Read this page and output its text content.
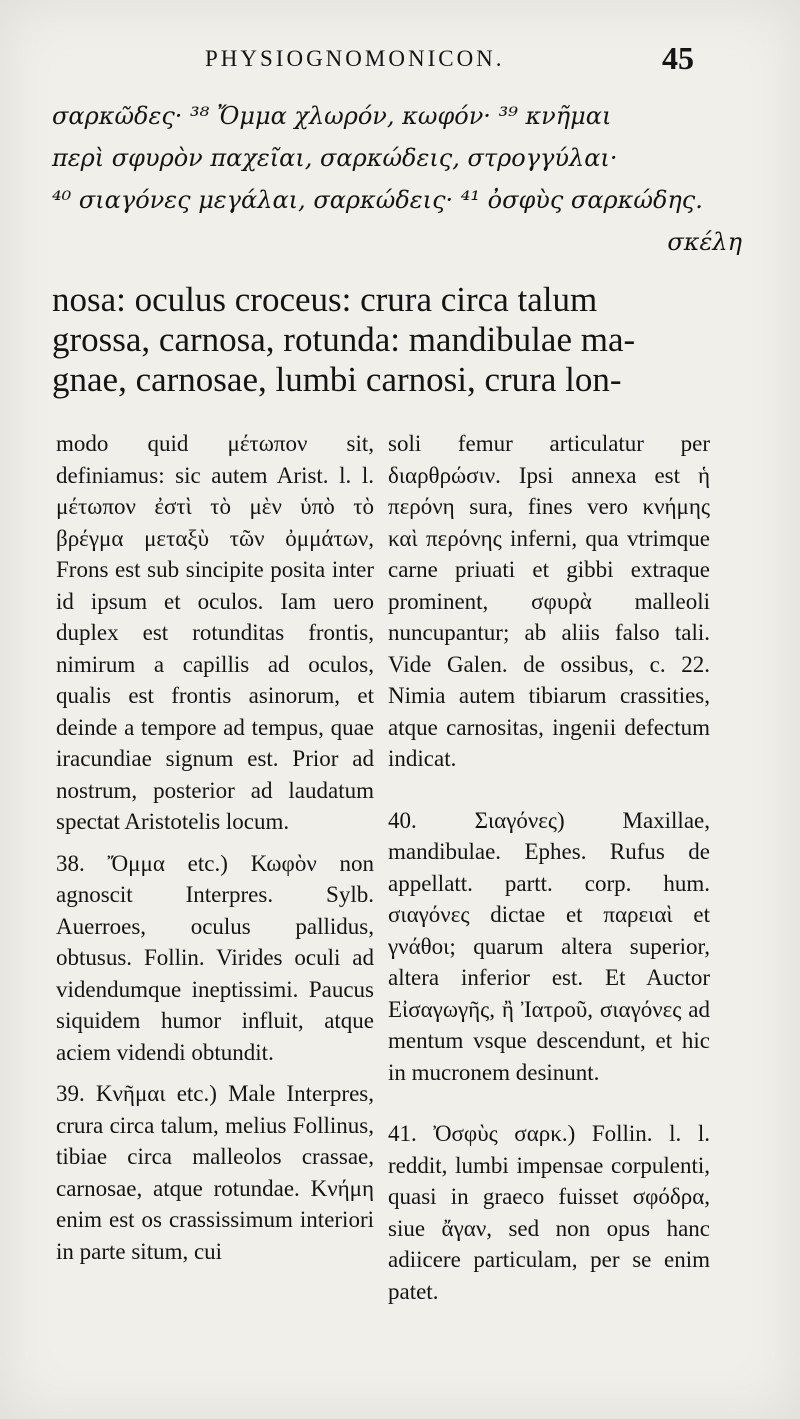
PHYSIOGNOMONICON.	45
σαρκῶδες· ³⁸ Ὄμμα χλωρόν, κωφόν· ³⁹ κνῆμαι
περὶ σφυρὸν παχεῖαι, σαρκώδεις, στρογγύλαι·
⁴⁰ σιαγόνες μεγάλαι, σαρκώδεις· ⁴¹ ὀσφὺς σαρκώδης.
σκέλη
nosa: oculus croceus: crura circa talum
grossa, carnosa, rotunda: mandibulae ma-
gnae, carnosae, lumbi carnosi, crura lon-

modo quid μέτωπον sit, definiamus: sic autem Arist. l. l. μέτωπον ἐστὶ τὸ μὲν ὑπὸ τὸ βρέγμα μεταξὺ τῶν ὀμμάτων, Frons est sub sincipite posita inter id ipsum et oculos. Iam uero duplex est rotunditas frontis, nimirum a capillis ad oculos, qualis est frontis asinorum, et deinde a tempore ad tempus, quae iracundiae signum est. Prior ad nostrum, posterior ad laudatum spectat Aristotelis locum.

38. Ὄμμα etc.) Κωφὸν non agnoscit Interpres. Sylb. Auerroes, oculus pallidus, obtusus. Follin. Virides oculi ad videndumque ineptissimi. Paucus siquidem humor influit, atque aciem videndi obtundit.

39. Κνῆμαι etc.) Male Interpres, crura circa talum, melius Follinus, tibiae circa malleolos crassae, carnosae, atque rotundae. Κνήμη enim est os crassissimum interiori in parte situm, cui

soli femur articulatur per διαρθρώσιν. Ipsi annexa est ἡ περόνη sura, fines vero κνήμης καὶ περόνης inferni, qua vtrimque carne priuati et gibbi extraque prominent, σφυρὰ malleoli nuncupantur; ab aliis falso tali. Vide Galen. de ossibus, c. 22. Nimia autem tibiarum crassities, atque carnositas, ingenii defectum indicat.

40. Σιαγόνες) Maxillae, mandibulae. Ephes. Rufus de appellatt. partt. corp. hum. σιαγόνες dictae et παρειαὶ et γνάθοι; quarum altera superior, altera inferior est. Et Auctor Εἰσαγωγῆς, ἢ Ἰατροῦ, σιαγόνες ad mentum vsque descendunt, et hic in mucronem desinunt.

41. Ὀσφὺς σαρκ.) Follin. l. l. reddit, lumbi impensae corpulenti, quasi in graeco fuisset σφόδρα, siue ἄγαν, sed non opus hanc adiicere particulam, per se enim patet.
